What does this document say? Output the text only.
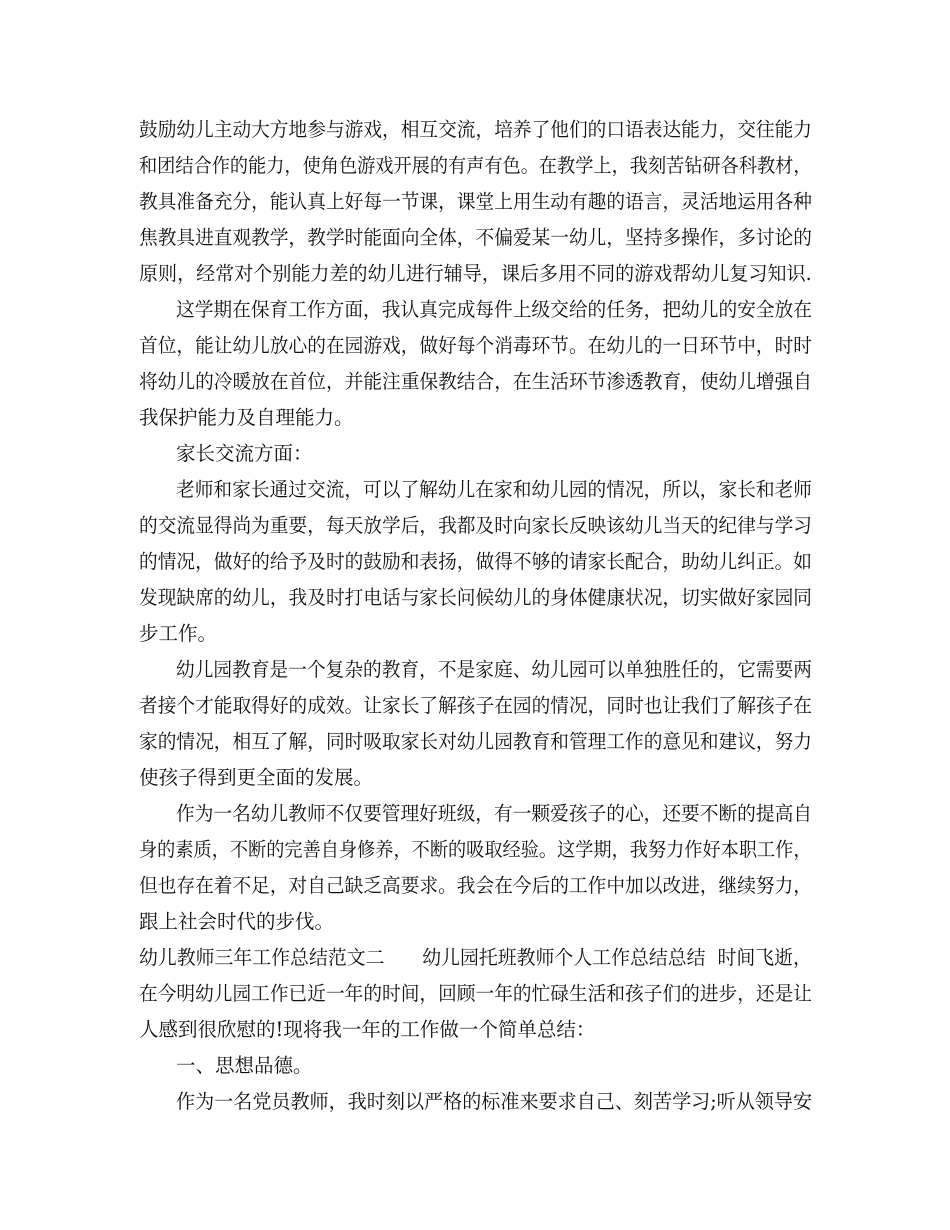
鼓励幼儿主动大方地参与游戏，相互交流，培养了他们的口语表达能力，交往能力
和团结合作的能力，使角色游戏开展的有声有色。在教学上，我刻苦钻研各科教材，
教具准备充分，能认真上好每一节课，课堂上用生动有趣的语言，灵活地运用各种
焦教具进直观教学，教学时能面向全体，不偏爱某一幼儿，坚持多操作，多讨论的
原则，经常对个别能力差的幼儿进行辅导，课后多用不同的游戏帮幼儿复习知识.
这学期在保育工作方面，我认真完成每件上级交给的任务，把幼儿的安全放在
首位，能让幼儿放心的在园游戏，做好每个消毒环节。在幼儿的一日环节中，时时
将幼儿的冷暖放在首位，并能注重保教结合，在生活环节渗透教育，使幼儿增强自
我保护能力及自理能力。
家长交流方面：
老师和家长通过交流，可以了解幼儿在家和幼儿园的情况，所以，家长和老师
的交流显得尚为重要，每天放学后，我都及时向家长反映该幼儿当天的纪律与学习
的情况，做好的给予及时的鼓励和表扬，做得不够的请家长配合，助幼儿纠正。如
发现缺席的幼儿，我及时打电话与家长问候幼儿的身体健康状况，切实做好家园同
步工作。
幼儿园教育是一个复杂的教育，不是家庭、幼儿园可以单独胜任的，它需要两
者接个才能取得好的成效。让家长了解孩子在园的情况，同时也让我们了解孩子在
家的情况，相互了解，同时吸取家长对幼儿园教育和管理工作的意见和建议，努力
使孩子得到更全面的发展。
作为一名幼儿教师不仅要管理好班级，有一颗爱孩子的心，还要不断的提高自
身的素质，不断的完善自身修养，不断的吸取经验。这学期，我努力作好本职工作，
但也存在着不足，对自己缺乏高要求。我会在今后的工作中加以改进，继续努力，
跟上社会时代的步伐。
幼儿教师三年工作总结范文二　　幼儿园托班教师个人工作总结总结  时间飞逝，
在今明幼儿园工作已近一年的时间，回顾一年的忙碌生活和孩子们的进步，还是让
人感到很欣慰的!现将我一年的工作做一个简单总结：
一、思想品德。
作为一名党员教师，我时刻以严格的标准来要求自己、刻苦学习;听从领导安
